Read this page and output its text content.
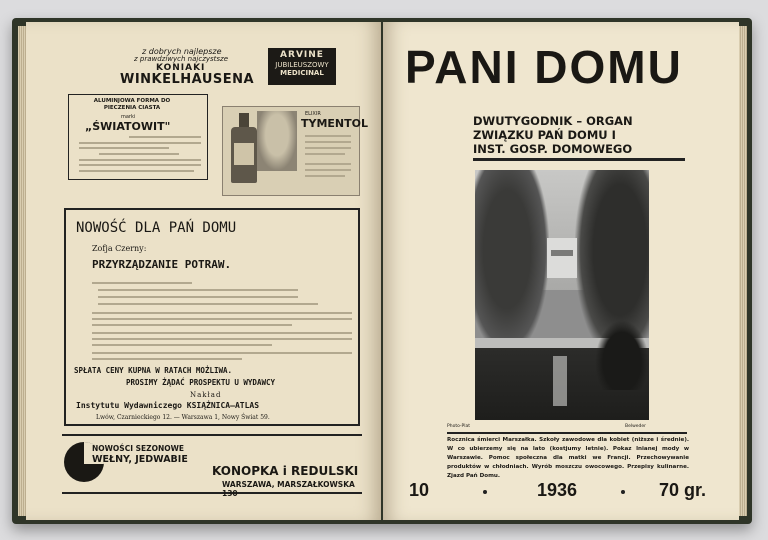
z dobrych najlepsze
z prawdziwych najczystsze
KONIAKI
WINKELHAUSENA
ARVINE
JUBILEUSZOWY
MEDICINAL
ALUMINJOWA FORMA DO PIECZENIA CIASTA
marki
„ŚWIATOWIT"
ELIXIR
TYMENTOL
NOWOŚĆ DLA PAŃ DOMU
Zofja Czerny:
PRZYRZĄDZANIE POTRAW.
SPŁATA CENY KUPNA W RATACH MOŻLIWA.
PROSIMY ŻĄDAĆ PROSPEKTU U WYDAWCY
Nakład
Instytutu Wydawniczego KSIĄŻNICA–ATLAS
Lwów, Czarnieckiego 12. — Warszawa 1, Nowy Świat 59.
NOWOŚCI SEZONOWE
WEŁNY, JEDWABIE
KONOPKA i REDULSKI
WARSZAWA, MARSZAŁKOWSKA 130
PANI DOMU
DWUTYGODNIK – ORGAN
ZWIĄZKU PAŃ DOMU I
INST. GOSP. DOMOWEGO
Photo-Plat	Belweder
Rocznica śmierci Marszałka. Szkoły zawodowe dla kobiet (niższe i średnie). W co ubierzemy się na lato (kostjumy letnie). Pokaz lnianej mody w Warszawie. Pomoc społeczna dla matki we Francji. Przechowywanie produktów w chłodniach. Wyrób moszczu owocowego. Przepisy kulinarne. Zjazd Pań Domu.
10	1936	70 gr.
